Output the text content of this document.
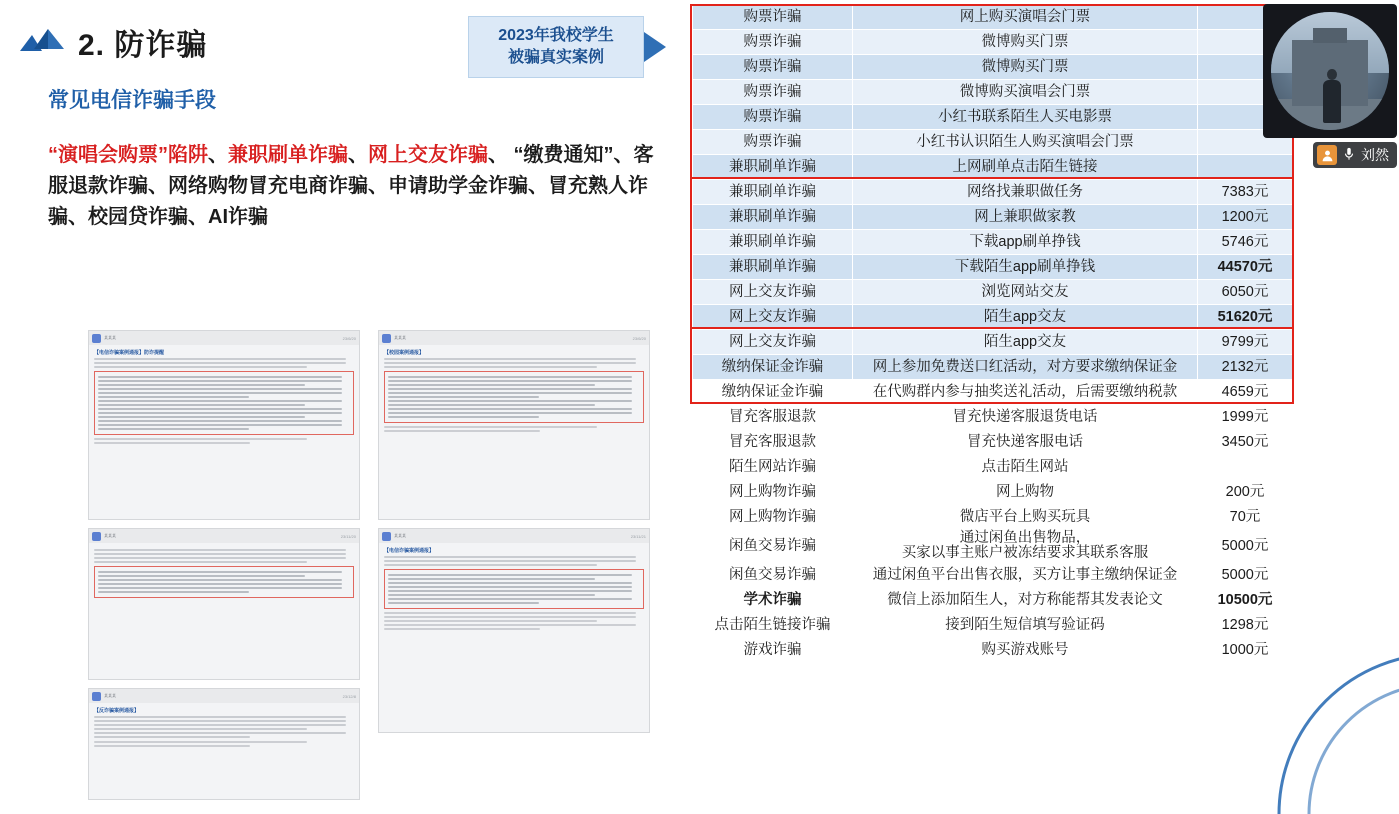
2. 防诈骗
常见电信诈骗手段
“演唱会购票”陷阱、兼职刷单诈骗、网上交友诈骗、 “缴费通知”、客服退款诈骗、网络购物冒充电商诈骗、申请助学金诈骗、冒充熟人诈骗、校园贷诈骗、AI诈骗
某某某	23/6/20
【电信诈骗案例通报】防诈提醒
某某某	23/6/20
【校园案例通报】
某某某	23/11/20	某某某	23/11/21
【电信诈骗案例通报】
某某某	23/12/8
【反诈骗案例通报】
2023年我校学生
被骗真实案例
购票诈骗	网上购买演唱会门票	
购票诈骗	微博购买门票	
购票诈骗	微博购买门票	
购票诈骗	微博购买演唱会门票	
购票诈骗	小红书联系陌生人买电影票	
购票诈骗	小红书认识陌生人购买演唱会门票	
兼职刷单诈骗	上网刷单点击陌生链接	
兼职刷单诈骗	网络找兼职做任务	7383元
兼职刷单诈骗	网上兼职做家教	1200元
兼职刷单诈骗	下载app刷单挣钱	5746元
兼职刷单诈骗	下载陌生app刷单挣钱	44570元
网上交友诈骗	浏览网站交友	6050元
网上交友诈骗	陌生app交友	51620元
网上交友诈骗	陌生app交友	9799元
缴纳保证金诈骗	网上参加免费送口红活动，对方要求缴纳保证金	2132元
缴纳保证金诈骗	在代购群内参与抽奖送礼活动，后需要缴纳税款	4659元
冒充客服退款	冒充快递客服退货电话	1999元
冒充客服退款	冒充快递客服电话	3450元
陌生网站诈骗	点击陌生网站	
网上购物诈骗	网上购物	200元
网上购物诈骗	微店平台上购买玩具	70元
闲鱼交易诈骗	通过闲鱼出售物品，
买家以事主账户被冻结要求其联系客服	5000元
闲鱼交易诈骗	通过闲鱼平台出售衣服，买方让事主缴纳保证金	5000元
学术诈骗	微信上添加陌生人，对方称能帮其发表论文	10500元
点击陌生链接诈骗	接到陌生短信填写验证码	1298元
游戏诈骗	购买游戏账号	1000元
刘然
